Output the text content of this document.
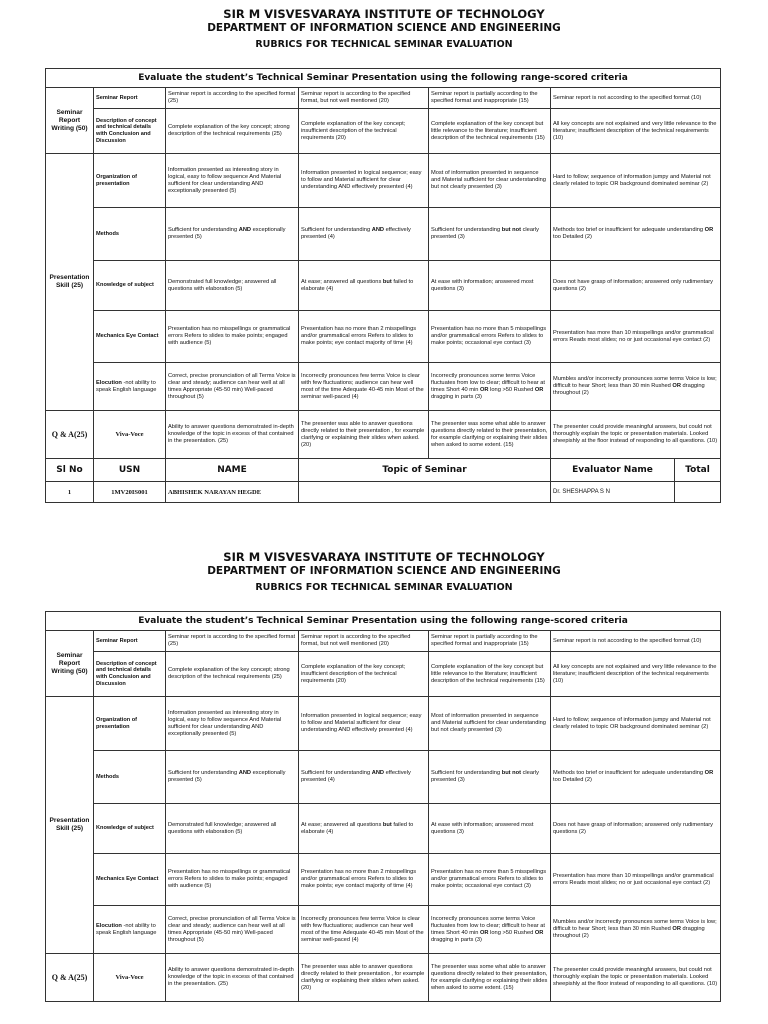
SIR M VISVESVARAYA INSTITUTE OF TECHNOLOGY
DEPARTMENT OF INFORMATION SCIENCE AND ENGINEERING
RUBRICS FOR TECHNICAL SEMINAR EVALUATION
Evaluate the student’s Technical Seminar Presentation using the following range-scored criteria						
Seminar Report Writing (50)	Seminar Report	Seminar report is according to the specified format (25)	Seminar report is according to the specified format, but not well mentioned (20)	Seminar report is partially according to the specified format and inappropriate (15)	Seminar report is not according to the specified format (10)	
	Description of concept and technical details with Conclusion and Discussion	Complete explanation of the key concept; strong description of the technical requirements (25)	Complete explanation of the key concept; insufficient description of the technical requirements (20)	Complete explanation of the key concept but little relevance to the literature; insufficient description of the technical requirements (15)	All key concepts are not explained and very little relevance to the literature; insufficient description of the technical requirements (10)	
Presentation Skill (25)	Organization of presentation	Information presented as interesting story in logical, easy to follow sequence And Material sufficient for clear understanding AND exceptionally presented (5)	Information presented in logical sequence; easy to follow and Material sufficient for clear understanding AND effectively presented (4)	Most of information presented in sequence and Material sufficient for clear understanding but not clearly presented (3)	Hard to follow; sequence of information jumpy and Material not clearly related to topic OR background dominated seminar (2)	
	Methods	Sufficient for understanding AND exceptionally presented (5)	Sufficient for understanding AND effectively presented (4)	Sufficient for understanding but not clearly presented (3)	Methods too brief or insufficient for adequate understanding OR too Detailed (2)	
	Knowledge of subject	Demonstrated full knowledge; answered all questions with elaboration (5)	At ease; answered all questions but failed to elaborate (4)	At ease with information; answered most questions (3)	Does not have grasp of information; answered only rudimentary questions (2)	
	Mechanics Eye Contact	Presentation has no misspellings or grammatical errors Refers to slides to make points; engaged with audience (5)	Presentation has no more than 2 misspellings and/or grammatical errors Refers to slides to make points; eye contact majority of time (4)	Presentation has no more than 5 misspellings and/or grammatical errors Refers to slides to make points; occasional eye contact (3)	Presentation has more than 10 misspellings and/or grammatical errors Reads most slides; no or just occasional eye contact (2)	
	Elocution -not ability to speak English language	Correct, precise pronunciation of all Terms Voice is clear and steady; audience can hear well at all times Appropriate (45-50 min) Well-paced throughout (5)	Incorrectly pronounces few terms Voice is clear with few fluctuations; audience can hear well most of the time Adequate 40-45 min Most of the seminar well-paced (4)	Incorrectly pronounces some terms Voice fluctuates from low to clear; difficult to hear at times Short 40 min OR long >50 Rushed OR dragging in parts (3)	Mumbles and/or incorrectly pronounces some terms Voice is low; difficult to hear Short; less than 30 min Rushed OR dragging throughout (2)	
Q & A(25)	Viva-Voce	Ability to answer questions demonstrated in-depth knowledge of the topic in excess of that contained in the presentation. (25)	The presenter was able to answer questions directly related to their presentation , for example clarifying or explaining their slides when asked. (20)	The presenter was some what able to answer questions directly related to their presentation, for example clarifying or explaining their slides when asked to some extent. (15)	The presenter could provide meaningful answers, but could not thoroughly explain the topic or presentation materials. Looked sheepishly at the floor instead of responding to all questions. (10)	
Sl No	USN	NAME	Topic of Seminar		Evaluator Name	Total
1	1MV20IS001	ABHISHEK NARAYAN HEGDE			Dr. SHESHAPPA S N	
SIR M VISVESVARAYA INSTITUTE OF TECHNOLOGY
DEPARTMENT OF INFORMATION SCIENCE AND ENGINEERING
RUBRICS FOR TECHNICAL SEMINAR EVALUATION
Evaluate the student’s Technical Seminar Presentation using the following range-scored criteria					
Seminar Report Writing (50)	Seminar Report	Seminar report is according to the specified format (25)	Seminar report is according to the specified format, but not well mentioned (20)	Seminar report is partially according to the specified format and inappropriate (15)	Seminar report is not according to the specified format (10)
	Description of concept and technical details with Conclusion and Discussion	Complete explanation of the key concept; strong description of the technical requirements (25)	Complete explanation of the key concept; insufficient description of the technical requirements (20)	Complete explanation of the key concept but little relevance to the literature; insufficient description of the technical requirements (15)	All key concepts are not explained and very little relevance to the literature; insufficient description of the technical requirements (10)
Presentation Skill (25)	Organization of presentation	Information presented as interesting story in logical, easy to follow sequence And Material sufficient for clear understanding AND exceptionally presented (5)	Information presented in logical sequence; easy to follow and Material sufficient for clear understanding AND effectively presented (4)	Most of information presented in sequence and Material sufficient for clear understanding but not clearly presented (3)	Hard to follow; sequence of information jumpy and Material not clearly related to topic OR background dominated seminar (2)
	Methods	Sufficient for understanding AND exceptionally presented (5)	Sufficient for understanding AND effectively presented (4)	Sufficient for understanding but not clearly presented (3)	Methods too brief or insufficient for adequate understanding OR too Detailed (2)
	Knowledge of subject	Demonstrated full knowledge; answered all questions with elaboration (5)	At ease; answered all questions but failed to elaborate (4)	At ease with information; answered most questions (3)	Does not have grasp of information; answered only rudimentary questions (2)
	Mechanics Eye Contact	Presentation has no misspellings or grammatical errors Refers to slides to make points; engaged with audience (5)	Presentation has no more than 2 misspellings and/or grammatical errors Refers to slides to make points; eye contact majority of time (4)	Presentation has no more than 5 misspellings and/or grammatical errors Refers to slides to make points; occasional eye contact (3)	Presentation has more than 10 misspellings and/or grammatical errors Reads most slides; no or just occasional eye contact (2)
	Elocution -not ability to speak English language	Correct, precise pronunciation of all Terms Voice is clear and steady; audience can hear well at all times Appropriate (45-50 min) Well-paced throughout (5)	Incorrectly pronounces few terms Voice is clear with few fluctuations; audience can hear well most of the time Adequate 40-45 min Most of the seminar well-paced (4)	Incorrectly pronounces some terms Voice fluctuates from low to clear; difficult to hear at times Short 40 min OR long >50 Rushed OR dragging in parts (3)	Mumbles and/or incorrectly pronounces some terms Voice is low; difficult to hear Short; less than 30 min Rushed OR dragging throughout (2)
Q & A(25)	Viva-Voce	Ability to answer questions demonstrated in-depth knowledge of the topic in excess of that contained in the presentation. (25)	The presenter was able to answer questions directly related to their presentation , for example clarifying or explaining their slides when asked. (20)	The presenter was some what able to answer questions directly related to their presentation, for example clarifying or explaining their slides when asked to some extent. (15)	The presenter could provide meaningful answers, but could not thoroughly explain the topic or presentation materials. Looked sheepishly at the floor instead of responding to all questions. (10)
